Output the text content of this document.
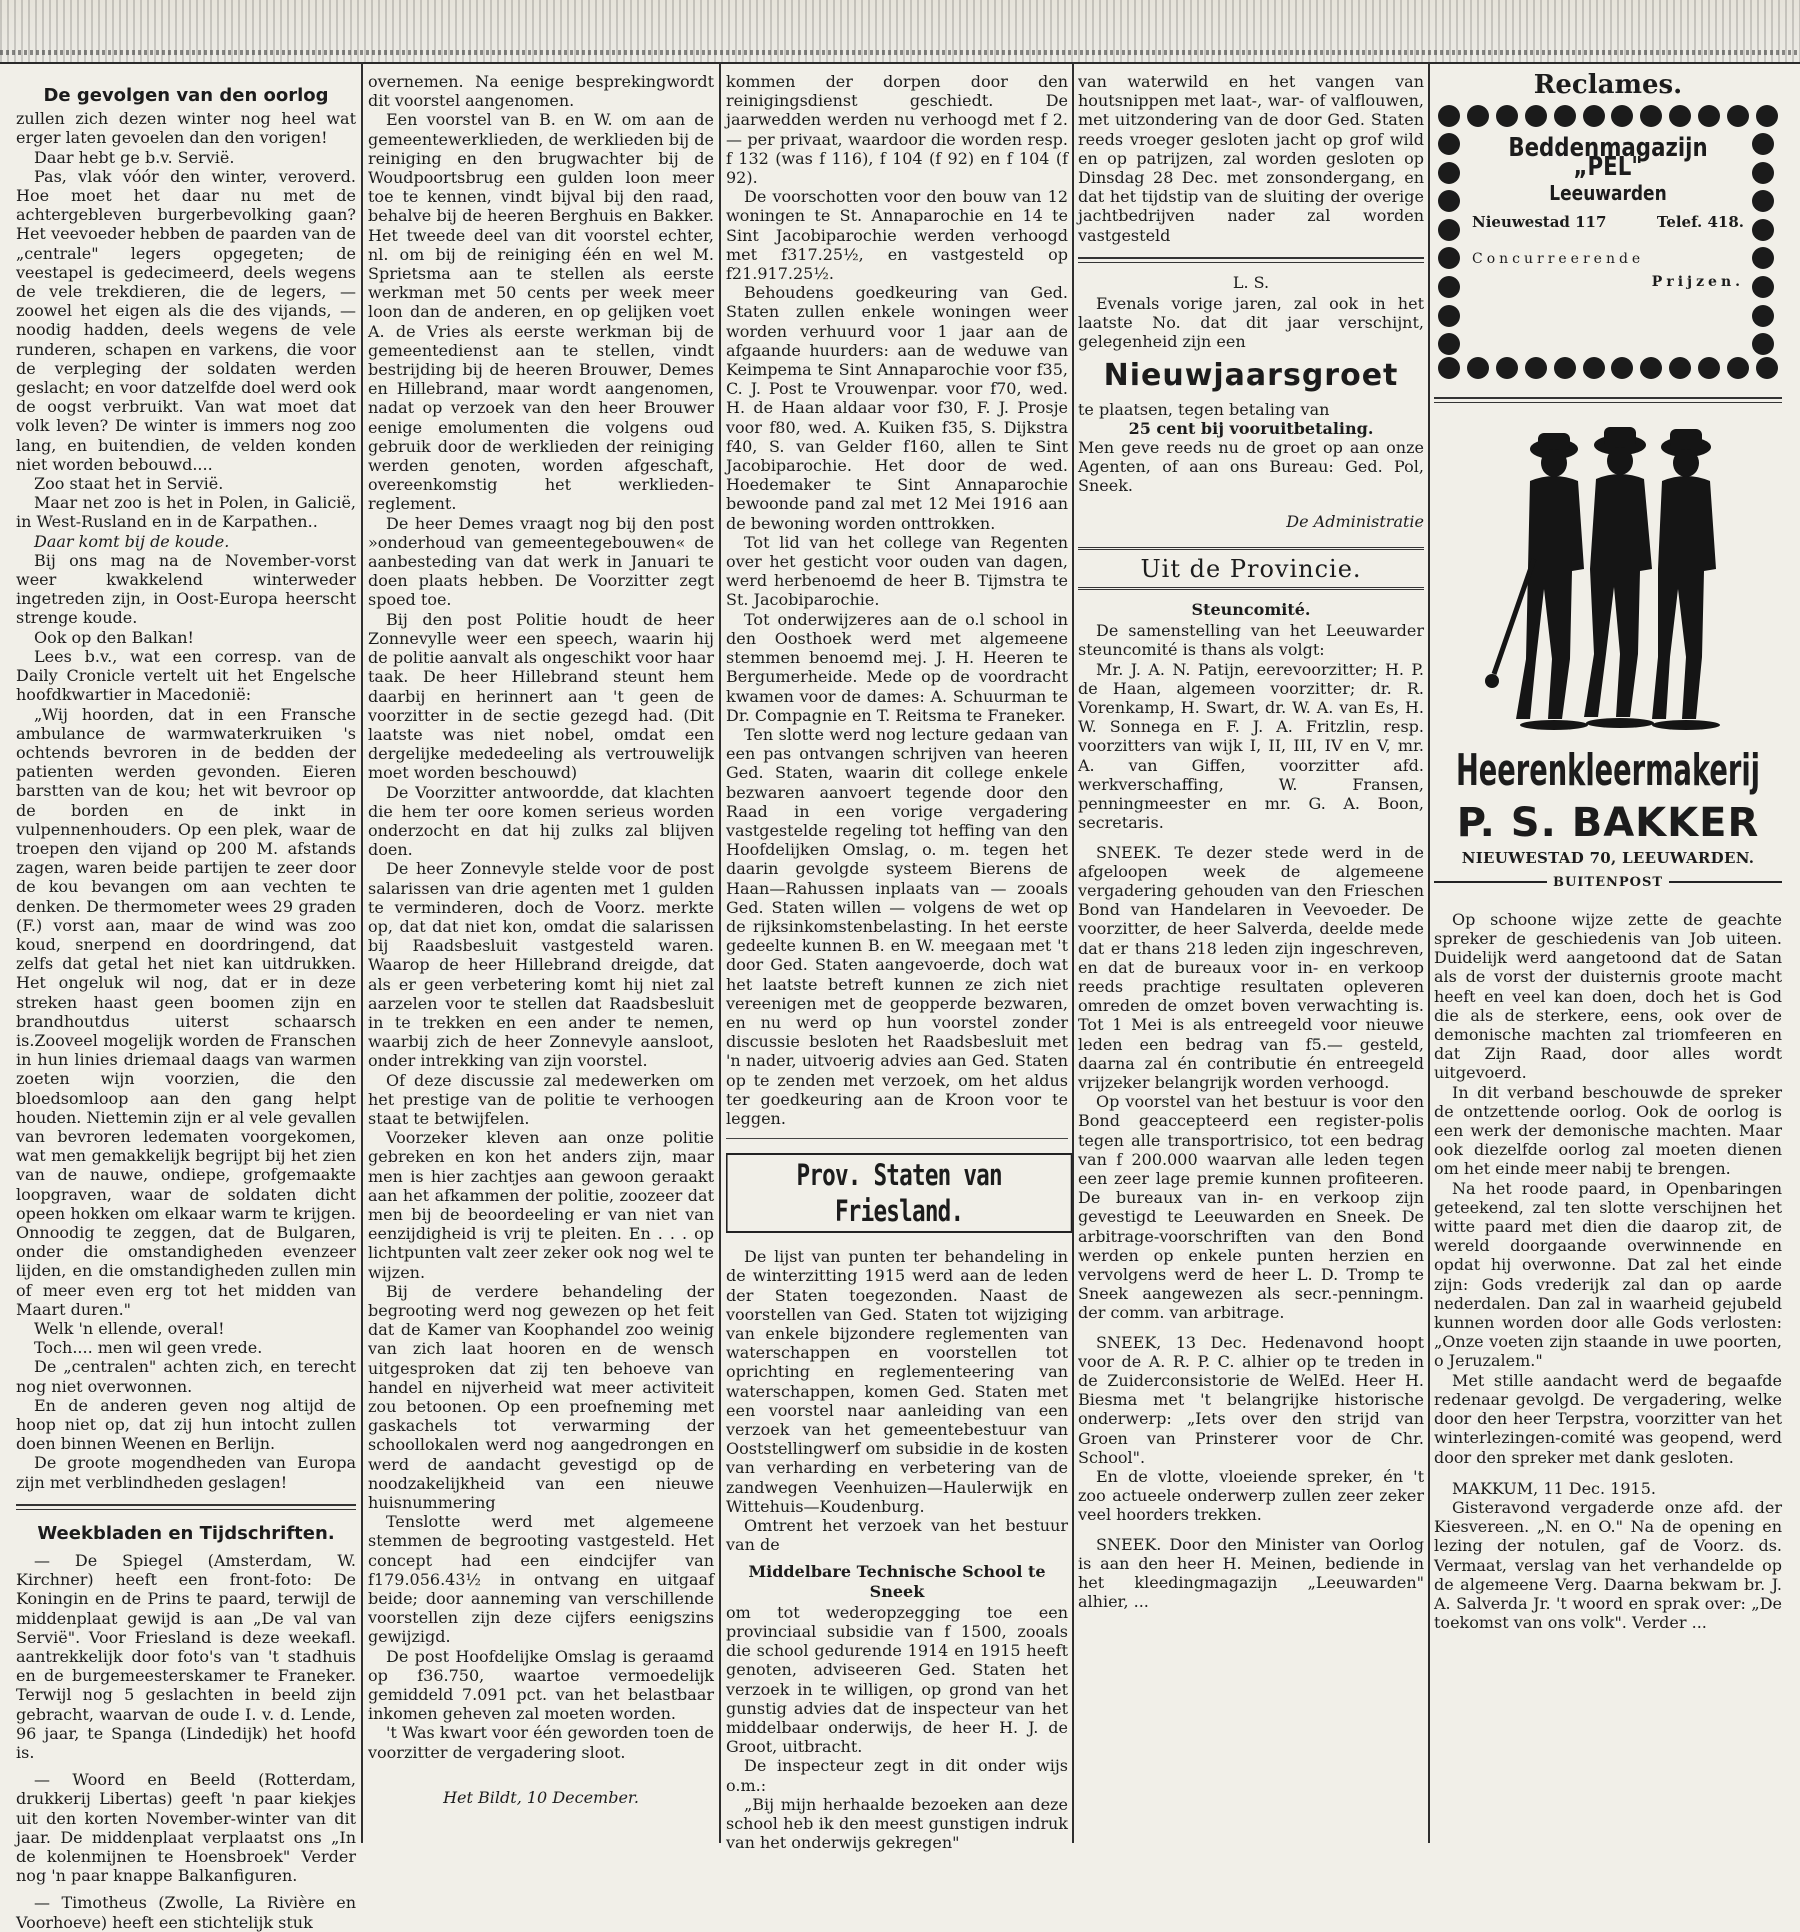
De gevolgen van den oorlog

zullen zich dezen winter nog heel wat erger laten gevoelen dan den vorigen!

Daar hebt ge b.v. Servië.

Pas, vlak vóór den winter, veroverd. Hoe moet het daar nu met de achtergebleven burgerbevolking gaan? Het veevoeder hebben de paarden van de „centrale" legers opgegeten; de veestapel is gedecimeerd, deels wegens de vele trekdieren, die de legers, — zoowel het eigen als die des vijands, — noodig hadden, deels wegens de vele runderen, schapen en varkens, die voor de verpleging der soldaten werden geslacht; en voor datzelfde doel werd ook de oogst verbruikt. Van wat moet dat volk leven? De winter is immers nog zoo lang, en buitendien, de velden konden niet worden bebouwd....

Zoo staat het in Servië.

Maar net zoo is het in Polen, in Galicië, in West-Rusland en in de Karpathen..

Daar komt bij de koude.

Bij ons mag na de November-vorst weer kwakkelend winterweder ingetreden zijn, in Oost-Europa heerscht strenge koude.

Ook op den Balkan!

Lees b.v., wat een corresp. van de Daily Cronicle vertelt uit het Engelsche hoofdkwartier in Macedonië:

„Wij hoorden, dat in een Fransche ambulance de warmwaterkruiken 's ochtends bevroren in de bedden der patienten werden gevonden. Eieren barstten van de kou; het wit bevroor op de borden en de inkt in vulpennenhouders. Op een plek, waar de troepen den vijand op 200 M. afstands zagen, waren beide partijen te zeer door de kou bevangen om aan vechten te denken. De thermometer wees 29 graden (F.) vorst aan, maar de wind was zoo koud, snerpend en doordringend, dat zelfs dat getal het niet kan uitdrukken. Het ongeluk wil nog, dat er in deze streken haast geen boomen zijn en brandhoutdus uiterst schaarsch is.Zooveel mogelijk worden de Franschen in hun linies driemaal daags van warmen zoeten wijn voorzien, die den bloedsomloop aan den gang helpt houden. Niettemin zijn er al vele gevallen van bevroren ledematen voorgekomen, wat men gemakkelijk begrijpt bij het zien van de nauwe, ondiepe, grofgemaakte loopgraven, waar de soldaten dicht opeen hokken om elkaar warm te krijgen. Onnoodig te zeggen, dat de Bulgaren, onder die omstandigheden evenzeer lijden, en die omstandigheden zullen min of meer even erg tot het midden van Maart duren."

Welk 'n ellende, overal!

Toch.... men wil geen vrede.

De „centralen" achten zich, en terecht nog niet overwonnen.

En de anderen geven nog altijd de hoop niet op, dat zij hun intocht zullen doen binnen Weenen en Berlijn.

De groote mogendheden van Europa zijn met verblindheden geslagen!

Weekbladen en Tijdschriften.

— De Spiegel (Amsterdam, W. Kirchner) heeft een front-foto: De Koningin en de Prins te paard, terwijl de middenplaat gewijd is aan „De val van Servië". Voor Friesland is deze weekafl. aantrekkelijk door foto's van 't stadhuis en de burgemeesterskamer te Franeker. Terwijl nog 5 geslachten in beeld zijn gebracht, waarvan de oude I. v. d. Lende, 96 jaar, te Spanga (Lindedijk) het hoofd is.

— Woord en Beeld (Rotterdam, drukkerij Libertas) geeft 'n paar kiekjes uit den korten November-winter van dit jaar. De middenplaat verplaatst ons „In de kolenmijnen te Hoensbroek" Verder nog 'n paar knappe Balkanfiguren.

— Timotheus (Zwolle, La Rivière en Voorhoeve) heeft een stichtelijk stuk

overnemen. Na eenige besprekingwordt dit voorstel aangenomen.

Een voorstel van B. en W. om aan de gemeentewerklieden, de werklieden bij de reiniging en den brugwachter bij de Woudpoortsbrug een gulden loon meer toe te kennen, vindt bijval bij den raad, behalve bij de heeren Berghuis en Bakker. Het tweede deel van dit voorstel echter, nl. om bij de reiniging één en wel M. Sprietsma aan te stellen als eerste werkman met 50 cents per week meer loon dan de anderen, en op gelijken voet A. de Vries als eerste werkman bij de gemeentedienst aan te stellen, vindt bestrijding bij de heeren Brouwer, Demes en Hillebrand, maar wordt aangenomen, nadat op verzoek van den heer Brouwer eenige emolumenten die volgens oud gebruik door de werklieden der reiniging werden genoten, worden afgeschaft, overeenkomstig het werklieden-reglement.

De heer Demes vraagt nog bij den post »onderhoud van gemeentegebouwen« de aanbesteding van dat werk in Januari te doen plaats hebben. De Voorzitter zegt spoed toe.

Bij den post Politie houdt de heer Zonnevylle weer een speech, waarin hij de politie aanvalt als ongeschikt voor haar taak. De heer Hillebrand steunt hem daarbij en herinnert aan 't geen de voorzitter in de sectie gezegd had. (Dit laatste was niet nobel, omdat een dergelijke mededeeling als vertrouwelijk moet worden beschouwd)

De Voorzitter antwoordde, dat klachten die hem ter oore komen serieus worden onderzocht en dat hij zulks zal blijven doen.

De heer Zonnevyle stelde voor de post salarissen van drie agenten met 1 gulden te verminderen, doch de Voorz. merkte op, dat dat niet kon, omdat die salarissen bij Raadsbesluit vastgesteld waren. Waarop de heer Hillebrand dreigde, dat als er geen verbetering komt hij niet zal aarzelen voor te stellen dat Raadsbesluit in te trekken en een ander te nemen, waarbij zich de heer Zonnevyle aansloot, onder intrekking van zijn voorstel.

Of deze discussie zal medewerken om het prestige van de politie te verhoogen staat te betwijfelen.

Voorzeker kleven aan onze politie gebreken en kon het anders zijn, maar men is hier zachtjes aan gewoon geraakt aan het afkammen der politie, zoozeer dat men bij de beoordeeling er van niet van eenzijdigheid is vrij te pleiten. En . . . op lichtpunten valt zeer zeker ook nog wel te wijzen.

Bij de verdere behandeling der begrooting werd nog gewezen op het feit dat de Kamer van Koophandel zoo weinig van zich laat hooren en de wensch uitgesproken dat zij ten behoeve van handel en nijverheid wat meer activiteit zou betoonen. Op een proefneming met gaskachels tot verwarming der schoollokalen werd nog aangedrongen en werd de aandacht gevestigd op de noodzakelijkheid van een nieuwe huisnummering

Tenslotte werd met algemeene stemmen de begrooting vastgesteld. Het concept had een eindcijfer van f179.056.43½ in ontvang en uitgaaf beide; door aanneming van verschillende voorstellen zijn deze cijfers eenigszins gewijzigd.

De post Hoofdelijke Omslag is geraamd op f36.750, waartoe vermoedelijk gemiddeld 7.091 pct. van het belastbaar inkomen geheven zal moeten worden.

't Was kwart voor één geworden toen de voorzitter de vergadering sloot.

Het Bildt, 10 December.

kommen der dorpen door den reinigingsdienst geschiedt. De jaarwedden werden nu verhoogd met f 2.— per privaat, waardoor die worden resp. f 132 (was f 116), f 104 (f 92) en f 104 (f 92).

De voorschotten voor den bouw van 12 woningen te St. Annaparochie en 14 te Sint Jacobiparochie werden verhoogd met f317.25½, en vastgesteld op f21.917.25½.

Behoudens goedkeuring van Ged. Staten zullen enkele woningen weer worden verhuurd voor 1 jaar aan de afgaande huurders: aan de weduwe van Keimpema te Sint Annaparochie voor f35, C. J. Post te Vrouwenpar. voor f70, wed. H. de Haan aldaar voor f30, F. J. Prosje voor f80, wed. A. Kuiken f35, S. Dijkstra f40, S. van Gelder f160, allen te Sint Jacobiparochie. Het door de wed. Hoedemaker te Sint Annaparochie bewoonde pand zal met 12 Mei 1916 aan de bewoning worden onttrokken.

Tot lid van het college van Regenten over het gesticht voor ouden van dagen, werd herbenoemd de heer B. Tijmstra te St. Jacobiparochie.

Tot onderwijzeres aan de o.l school in den Oosthoek werd met algemeene stemmen benoemd mej. J. H. Heeren te Bergumerheide. Mede op de voordracht kwamen voor de dames: A. Schuurman te Dr. Compagnie en T. Reitsma te Franeker.

Ten slotte werd nog lecture gedaan van een pas ontvangen schrijven van heeren Ged. Staten, waarin dit college enkele bezwaren aanvoert tegende door den Raad in een vorige vergadering vastgestelde regeling tot heffing van den Hoofdelijken Omslag, o. m. tegen het daarin gevolgde systeem Bierens de Haan—Rahussen inplaats van — zooals Ged. Staten willen — volgens de wet op de rijksinkomstenbelasting. In het eerste gedeelte kunnen B. en W. meegaan met 't door Ged. Staten aangevoerde, doch wat het laatste betreft kunnen ze zich niet vereenigen met de geopperde bezwaren, en nu werd op hun voorstel zonder discussie besloten het Raadsbesluit met 'n nader, uitvoerig advies aan Ged. Staten op te zenden met verzoek, om het aldus ter goedkeuring aan de Kroon voor te leggen.

Prov. Staten van Friesland.

De lijst van punten ter behandeling in de winterzitting 1915 werd aan de leden der Staten toegezonden. Naast de voorstellen van Ged. Staten tot wijziging van enkele bijzondere reglementen van waterschappen en voorstellen tot oprichting en reglementeering van waterschappen, komen Ged. Staten met een voorstel naar aanleiding van een verzoek van het gemeentebestuur van Ooststellingwerf om subsidie in de kosten van verharding en verbetering van de zandwegen Veenhuizen—Haulerwijk en Wittehuis—Koudenburg.

Omtrent het verzoek van het bestuur van de

Middelbare Technische School te Sneek

om tot wederopzegging toe een provinciaal subsidie van f 1500, zooals die school gedurende 1914 en 1915 heeft genoten, adviseeren Ged. Staten het verzoek in te willigen, op grond van het gunstig advies dat de inspecteur van het middelbaar onderwijs, de heer H. J. de Groot, uitbracht.

De inspecteur zegt in dit onder wijs o.m.:

„Bij mijn herhaalde bezoeken aan deze school heb ik den meest gunstigen indruk van het onderwijs gekregen"

van waterwild en het vangen van houtsnippen met laat-, war- of valflouwen, met uitzondering van de door Ged. Staten reeds vroeger gesloten jacht op grof wild en op patrijzen, zal worden gesloten op Dinsdag 28 Dec. met zonsondergang, en dat het tijdstip van de sluiting der overige jachtbedrijven nader zal worden vastgesteld

L. S.

Evenals vorige jaren, zal ook in het laatste No. dat dit jaar verschijnt, gelegenheid zijn een

Nieuwjaarsgroet

te plaatsen, tegen betaling van

25 cent bij vooruitbetaling.

Men geve reeds nu de groet op aan onze Agenten, of aan ons Bureau: Ged. Pol, Sneek.

De Administratie

Uit de Provincie.
Steuncomité.

De samenstelling van het Leeuwarder steuncomité is thans als volgt:

Mr. J. A. N. Patijn, eerevoorzitter; H. P. de Haan, algemeen voorzitter; dr. R. Vorenkamp, H. Swart, dr. W. A. van Es, H. W. Sonnega en F. J. A. Fritzlin, resp. voorzitters van wijk I, II, III, IV en V, mr. A. van Giffen, voorzitter afd. werkverschaffing, W. Fransen, penningmeester en mr. G. A. Boon, secretaris.

SNEEK. Te dezer stede werd in de afgeloopen week de algemeene vergadering gehouden van den Frieschen Bond van Handelaren in Veevoeder. De voorzitter, de heer Salverda, deelde mede dat er thans 218 leden zijn ingeschreven, en dat de bureaux voor in- en verkoop reeds prachtige resultaten opleveren omreden de omzet boven verwachting is. Tot 1 Mei is als entreegeld voor nieuwe leden een bedrag van f5.— gesteld, daarna zal én contributie én entreegeld vrijzeker belangrijk worden verhoogd.

Op voorstel van het bestuur is voor den Bond geaccepteerd een register-polis tegen alle transportrisico, tot een bedrag van f 200.000 waarvan alle leden tegen een zeer lage premie kunnen profiteeren. De bureaux van in- en verkoop zijn gevestigd te Leeuwarden en Sneek. De arbitrage-voorschriften van den Bond werden op enkele punten herzien en vervolgens werd de heer L. D. Tromp te Sneek aangewezen als secr.-penningm. der comm. van arbitrage.

SNEEK, 13 Dec. Hedenavond hoopt voor de A. R. P. C. alhier op te treden in de Zuiderconsistorie de WelEd. Heer H. Biesma met 't belangrijke historische onderwerp: „Iets over den strijd van Groen van Prinsterer voor de Chr. School".

En de vlotte, vloeiende spreker, én 't zoo actueele onderwerp zullen zeer zeker veel hoorders trekken.

SNEEK. Door den Minister van Oorlog is aan den heer H. Meinen, bediende in het kleedingmagazijn „Leeuwarden" alhier, ...

Reclames.
Beddenmagazijn „PEL"
Leeuwarden
Nieuwestad 117	Telef. 418.
Concurreerende
Prijzen.
Heerenkleermakerij
P. S. BAKKER
NIEUWESTAD 70, LEEUWARDEN.
BUITENPOST

Op schoone wijze zette de geachte spreker de geschiedenis van Job uiteen. Duidelijk werd aangetoond dat de Satan als de vorst der duisternis groote macht heeft en veel kan doen, doch het is God die als de sterkere, eens, ook over de demonische machten zal triomfeeren en dat Zijn Raad, door alles wordt uitgevoerd.

In dit verband beschouwde de spreker de ontzettende oorlog. Ook de oorlog is een werk der demonische machten. Maar ook diezelfde oorlog zal moeten dienen om het einde meer nabij te brengen.

Na het roode paard, in Openbaringen geteekend, zal ten slotte verschijnen het witte paard met dien die daarop zit, de wereld doorgaande overwinnende en opdat hij overwonne. Dat zal het einde zijn: Gods vrederijk zal dan op aarde nederdalen. Dan zal in waarheid gejubeld kunnen worden door alle Gods verlosten: „Onze voeten zijn staande in uwe poorten, o Jeruzalem."

Met stille aandacht werd de begaafde redenaar gevolgd. De vergadering, welke door den heer Terpstra, voorzitter van het winterlezingen-comité was geopend, werd door den spreker met dank gesloten.

MAKKUM, 11 Dec. 1915.

Gisteravond vergaderde onze afd. der Kiesvereen. „N. en O." Na de opening en lezing der notulen, gaf de Voorz. ds. Vermaat, verslag van het verhandelde op de algemeene Verg. Daarna bekwam br. J. A. Salverda Jr. 't woord en sprak over: „De toekomst van ons volk". Verder ...
